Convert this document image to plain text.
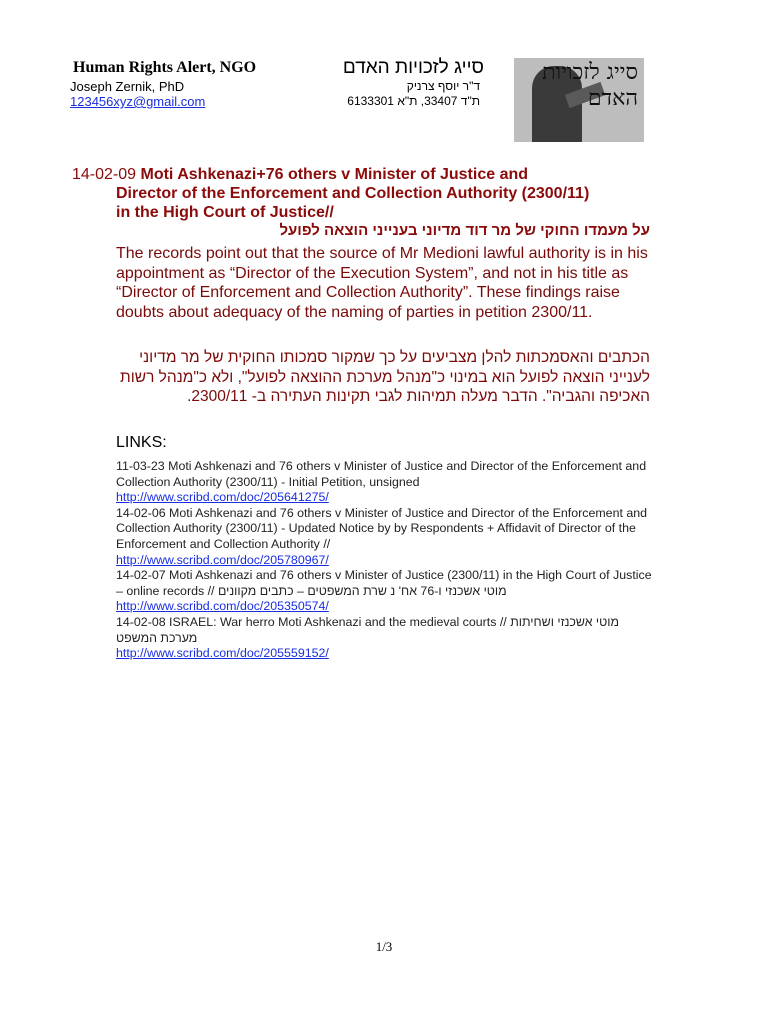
Human Rights Alert, NGO	סייג לזכויות האדם
Joseph Zernik, PhD	ד"ר יוסף צרניק
123456xyz@gmail.com	ת"ד 33407, ת"א 6133301
סייג לזכויות האדם
14-02-09 Moti Ashkenazi+76 others v Minister of Justice and
Director of the Enforcement and Collection Authority (2300/11)
in the High Court of Justice//
על מעמדו החוקי של מר דוד מדיוני בענייני הוצאה לפועל
The records point out that the source of Mr Medioni lawful authority is in his appointment as “Director of the Execution System”, and not in his title as “Director of Enforcement and Collection Authority”. These findings raise doubts about adequacy of the naming of parties in petition 2300/11.
הכתבים והאסמכתות להלן מצביעים על כך שמקור סמכותו החוקית של מר מדיוני לענייני הוצאה לפועל הוא במינוי כ"מנהל מערכת ההוצאה לפועל", ולא כ"מנהל רשות האכיפה והגביה". הדבר מעלה תמיהות לגבי תקינות העתירה ב- 2300/11.
LINKS:
11-03-23 Moti Ashkenazi and 76 others v Minister of Justice and Director of the Enforcement and Collection Authority (2300/11) - Initial Petition, unsigned
http://www.scribd.com/doc/205641275/
14-02-06 Moti Ashkenazi and 76 others v Minister of Justice and Director of the Enforcement and Collection Authority (2300/11) - Updated Notice by by Respondents + Affidavit of Director of the Enforcement and Collection Authority //
http://www.scribd.com/doc/205780967/
14-02-07 Moti Ashkenazi and 76 others v Minister of Justice (2300/11) in the High Court of Justice – online records // מוטי אשכנזי ו-76 אח' נ שרת המשפטים – כתבים מקוונים
http://www.scribd.com/doc/205350574/
14-02-08 ISRAEL: War herro Moti Ashkenazi and the medieval courts // מוטי אשכנזי ושחיתות מערכת המשפט
http://www.scribd.com/doc/205559152/
1/3
